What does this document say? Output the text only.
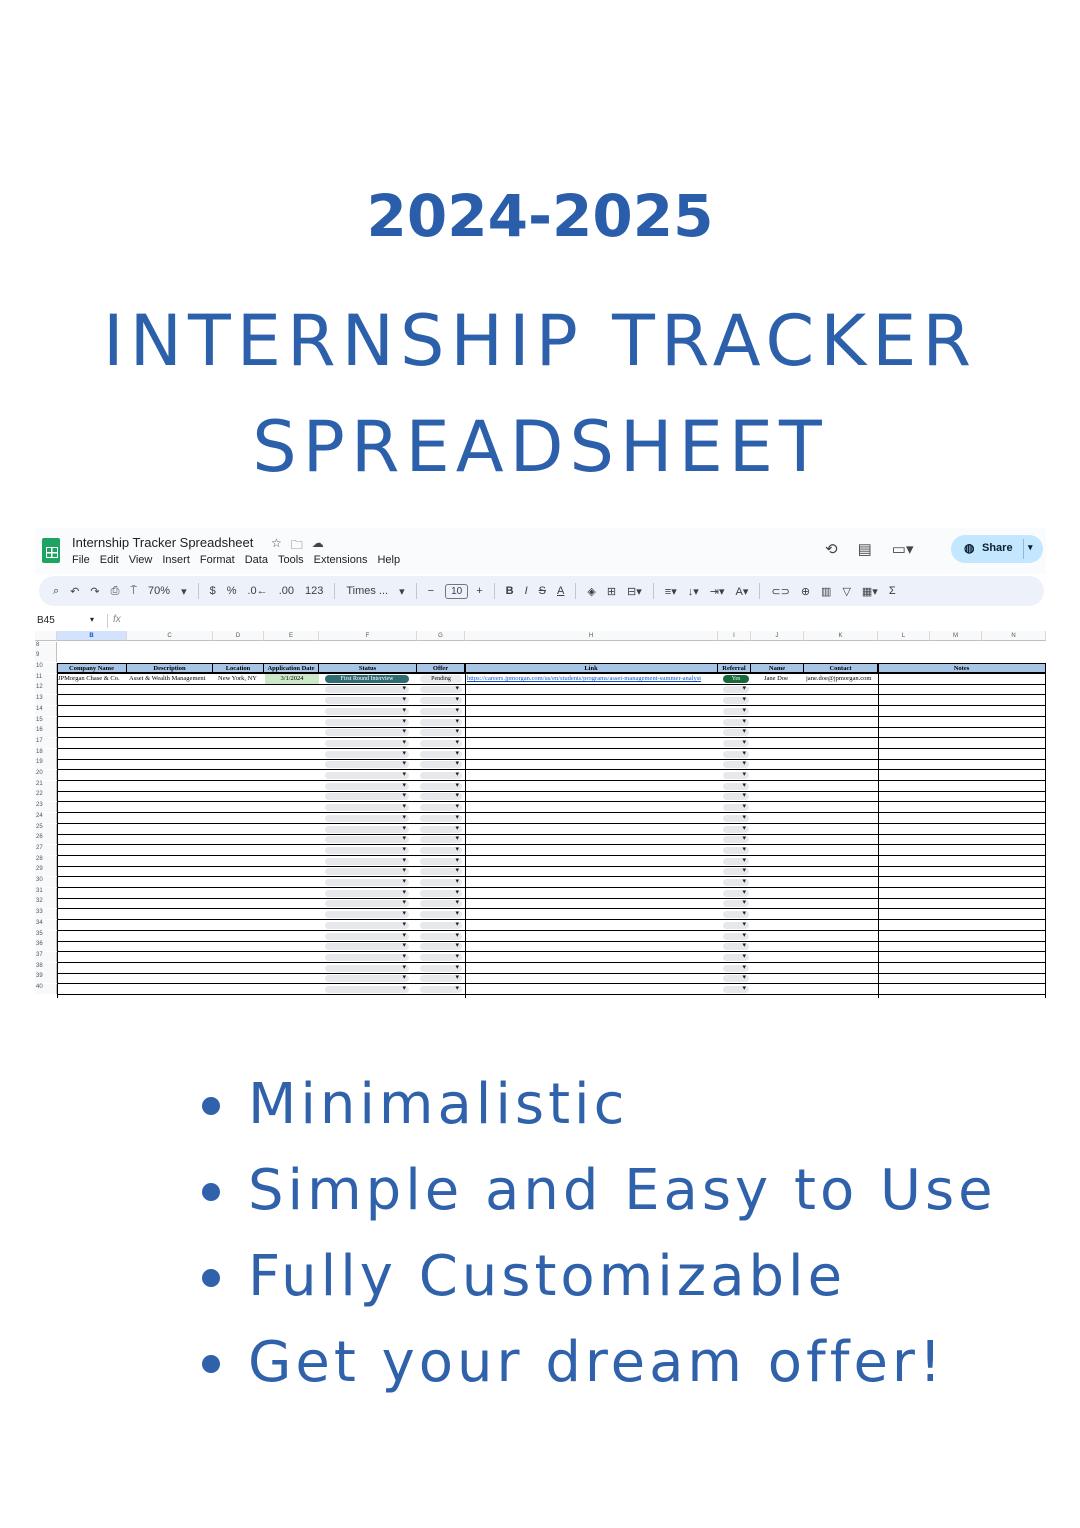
2024-2025
INTERNSHIP TRACKER
SPREADSHEET
Internship Tracker Spreadsheet ☆ 🗀 ☁
File Edit View Insert Format Data Tools Extensions Help
⟲ ▤ ▭▾	◍ Share ▾
⌕ ↶ ↷ ⎙ ⍑ 70% ▾ $ % .0← .00 123 Times ... ▾ −	10	+ B I S A ◈ ⊞ ⊟▾ ≡▾ ↓▾ ⇥▾ A▾ ⊂⊃ ⊕ ▥ ▽ ▦▾ Σ
B45	▾ fx
B	C	D	E	F	G	H	I	J	K	L	M	N
8
9
10
11
12
13
14
15
16
17
18
19
20
21
22
23
24
25
26
27
28
29
30
31
32
33
34
35
36
37
38
39
40
Company Name	Description	Location	Application Date	Status	Offer	Link	Referral	Name	Contact	Notes
JPMorgan Chase & Co.	Asset & Wealth Management	New York, NY	3/1/2024	First Round Interview	Pending	https://careers.jpmorgan.com/us/en/students/programs/asset-management-summer-analyst	Yes	Jane Doe	jane.doe@jpmorgan.com
▾
▾
▾
▾
▾
▾
▾
▾
▾
▾
▾
▾
▾
▾
▾
▾
▾
▾
▾
▾
▾
▾
▾
▾
▾
▾
▾
▾
▾
▾
▾
▾
▾
▾
▾
▾
▾
▾
▾
▾
▾
▾
▾
▾
▾
▾
▾
▾
▾
▾
▾
▾
▾
▾
▾
▾
▾
▾
▾
▾
▾
▾
▾
▾
▾
▾
▾
▾
▾
▾
▾
▾
▾
▾
▾
▾
▾
▾
▾
▾
▾
▾
▾
▾
▾
▾
▾
Minimalistic
Simple and Easy to Use
Fully Customizable
Get your dream offer!
